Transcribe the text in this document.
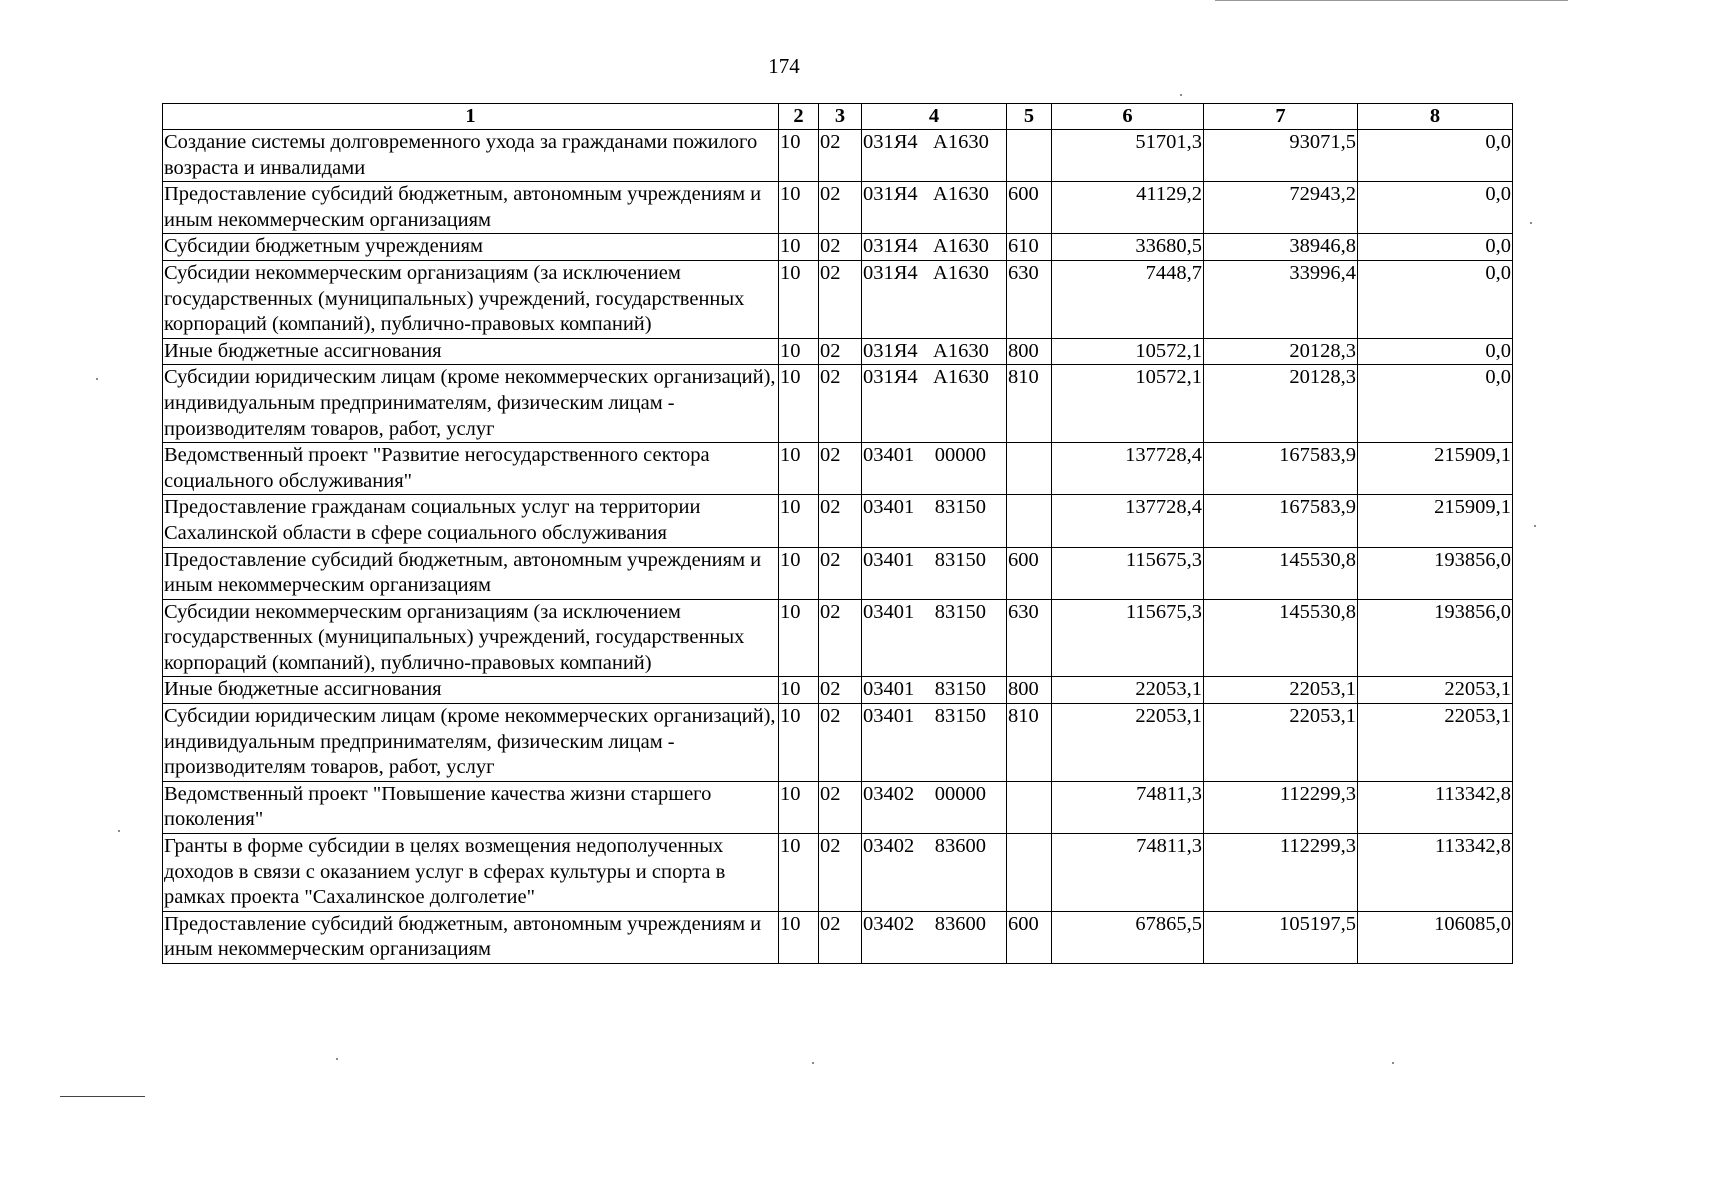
174
1	2	3	4	5	6	7	8
Создание системы долговременного ухода за гражданами пожилого возраста и инвалидами	10	02	031Я4   А1630		51701,3	93071,5	0,0
Предоставление субсидий бюджетным, автономным учреждениям и иным некоммерческим организациям	10	02	031Я4   А1630	600	41129,2	72943,2	0,0
Субсидии бюджетным учреждениям	10	02	031Я4   А1630	610	33680,5	38946,8	0,0
Субсидии некоммерческим организациям (за исключением государственных (муниципальных) учреждений, государственных корпораций (компаний), публично-правовых компаний)	10	02	031Я4   А1630	630	7448,7	33996,4	0,0
Иные бюджетные ассигнования	10	02	031Я4   А1630	800	10572,1	20128,3	0,0
Субсидии юридическим лицам (кроме некоммерческих организаций), индивидуальным предпринимателям, физическим лицам - производителям товаров, работ, услуг	10	02	031Я4   А1630	810	10572,1	20128,3	0,0
Ведомственный проект "Развитие негосударственного сектора социального обслуживания"	10	02	03401    00000		137728,4	167583,9	215909,1
Предоставление гражданам социальных услуг на территории Сахалинской области в сфере социального обслуживания	10	02	03401    83150		137728,4	167583,9	215909,1
Предоставление субсидий бюджетным, автономным учреждениям и иным некоммерческим организациям	10	02	03401    83150	600	115675,3	145530,8	193856,0
Субсидии некоммерческим организациям (за исключением государственных (муниципальных) учреждений, государственных корпораций (компаний), публично-правовых компаний)	10	02	03401    83150	630	115675,3	145530,8	193856,0
Иные бюджетные ассигнования	10	02	03401    83150	800	22053,1	22053,1	22053,1
Субсидии юридическим лицам (кроме некоммерческих организаций), индивидуальным предпринимателям, физическим лицам - производителям товаров, работ, услуг	10	02	03401    83150	810	22053,1	22053,1	22053,1
Ведомственный проект "Повышение качества жизни старшего поколения"	10	02	03402    00000		74811,3	112299,3	113342,8
Гранты в форме субсидии в целях возмещения недополученных доходов в связи с оказанием услуг в сферах культуры и спорта в рамках проекта "Сахалинское долголетие"	10	02	03402    83600		74811,3	112299,3	113342,8
Предоставление субсидий бюджетным, автономным учреждениям и иным некоммерческим организациям	10	02	03402    83600	600	67865,5	105197,5	106085,0
